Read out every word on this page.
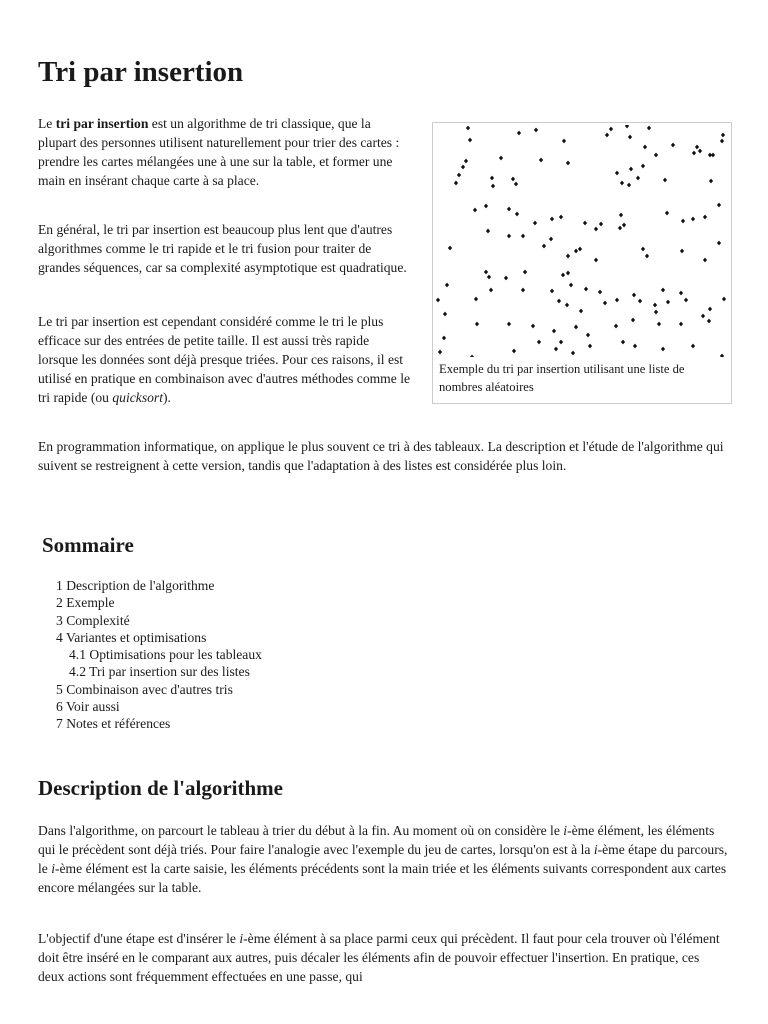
Tri par insertion

Le tri par insertion est un algorithme de tri classique, que la plupart des personnes utilisent naturellement pour trier des cartes : prendre les cartes mélangées une à une sur la table, et former une main en insérant chaque carte à sa place.

En général, le tri par insertion est beaucoup plus lent que d'autres algorithmes comme le tri rapide et le tri fusion pour traiter de grandes séquences, car sa complexité asymptotique est quadratique.

Le tri par insertion est cependant considéré comme le tri le plus efficace sur des entrées de petite taille. Il est aussi très rapide lorsque les données sont déjà presque triées. Pour ces raisons, il est utilisé en pratique en combinaison avec d'autres méthodes comme le tri rapide (ou quicksort).

Exemple du tri par insertion utilisant une liste de nombres aléatoires

En programmation informatique, on applique le plus souvent ce tri à des tableaux. La description et l'étude de l'algorithme qui suivent se restreignent à cette version, tandis que l'adaptation à des listes est considérée plus loin.

Sommaire
1 Description de l'algorithme
2 Exemple
3 Complexité
4 Variantes et optimisations
4.1 Optimisations pour les tableaux
4.2 Tri par insertion sur des listes
5 Combinaison avec d'autres tris
6 Voir aussi
7 Notes et références
Description de l'algorithme

Dans l'algorithme, on parcourt le tableau à trier du début à la fin. Au moment où on considère le i-ème élément, les éléments qui le précèdent sont déjà triés. Pour faire l'analogie avec l'exemple du jeu de cartes, lorsqu'on est à la i-ème étape du parcours, le i-ème élément est la carte saisie, les éléments précédents sont la main triée et les éléments suivants correspondent aux cartes encore mélangées sur la table.

L'objectif d'une étape est d'insérer le i-ème élément à sa place parmi ceux qui précèdent. Il faut pour cela trouver où l'élément doit être inséré en le comparant aux autres, puis décaler les éléments afin de pouvoir effectuer l'insertion. En pratique, ces deux actions sont fréquemment effectuées en une passe, qui
